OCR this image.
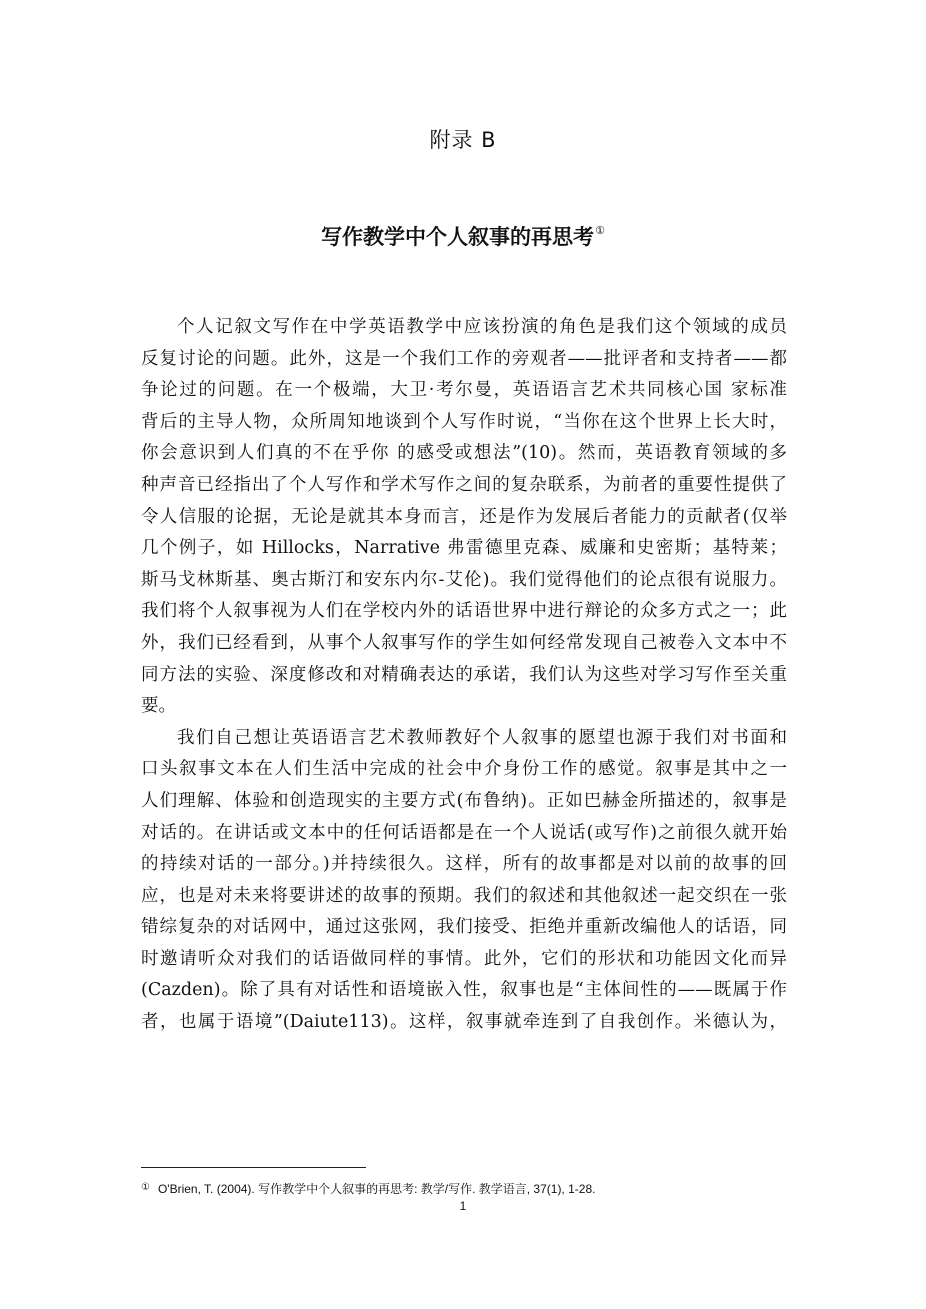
附录 B
写作教学中个人叙事的再思考①
个人记叙文写作在中学英语教学中应该扮演的角色是我们这个领域的成员
反复讨论的问题。此外，这是一个我们工作的旁观者——批评者和支持者——都
争论过的问题。在一个极端，大卫·考尔曼，英语语言艺术共同核心国 家标准
背后的主导人物，众所周知地谈到个人写作时说，“当你在这个世界上长大时，
你会意识到人们真的不在乎你 的感受或想法”(10)。然而，英语教育领域的多
种声音已经指出了个人写作和学术写作之间的复杂联系，为前者的重要性提供了
令人信服的论据，无论是就其本身而言，还是作为发展后者能力的贡献者(仅举
几个例子，如 Hillocks，Narrative 弗雷德里克森、威廉和史密斯；基特莱；
斯马戈林斯基、奥古斯汀和安东内尔-艾伦)。我们觉得他们的论点很有说服力。
我们将个人叙事视为人们在学校内外的话语世界中进行辩论的众多方式之一；此
外，我们已经看到，从事个人叙事写作的学生如何经常发现自己被卷入文本中不
同方法的实验、深度修改和对精确表达的承诺，我们认为这些对学习写作至关重
要。
我们自己想让英语语言艺术教师教好个人叙事的愿望也源于我们对书面和
口头叙事文本在人们生活中完成的社会中介身份工作的感觉。叙事是其中之一
人们理解、体验和创造现实的主要方式(布鲁纳)。正如巴赫金所描述的，叙事是
对话的。在讲话或文本中的任何话语都是在一个人说话(或写作)之前很久就开始
的持续对话的一部分。)并持续很久。这样，所有的故事都是对以前的故事的回
应，也是对未来将要讲述的故事的预期。我们的叙述和其他叙述一起交织在一张
错综复杂的对话网中，通过这张网，我们接受、拒绝并重新改编他人的话语，同
时邀请听众对我们的话语做同样的事情。此外，它们的形状和功能因文化而异
(Cazden)。除了具有对话性和语境嵌入性，叙事也是“主体间性的——既属于作
者，也属于语境”(Daiute113)。这样，叙事就牵连到了自我创作。米德认为，
① O'Brien, T. (2004). 写作教学中个人叙事的再思考: 教学/写作. 教学语言, 37(1), 1-28.
1
